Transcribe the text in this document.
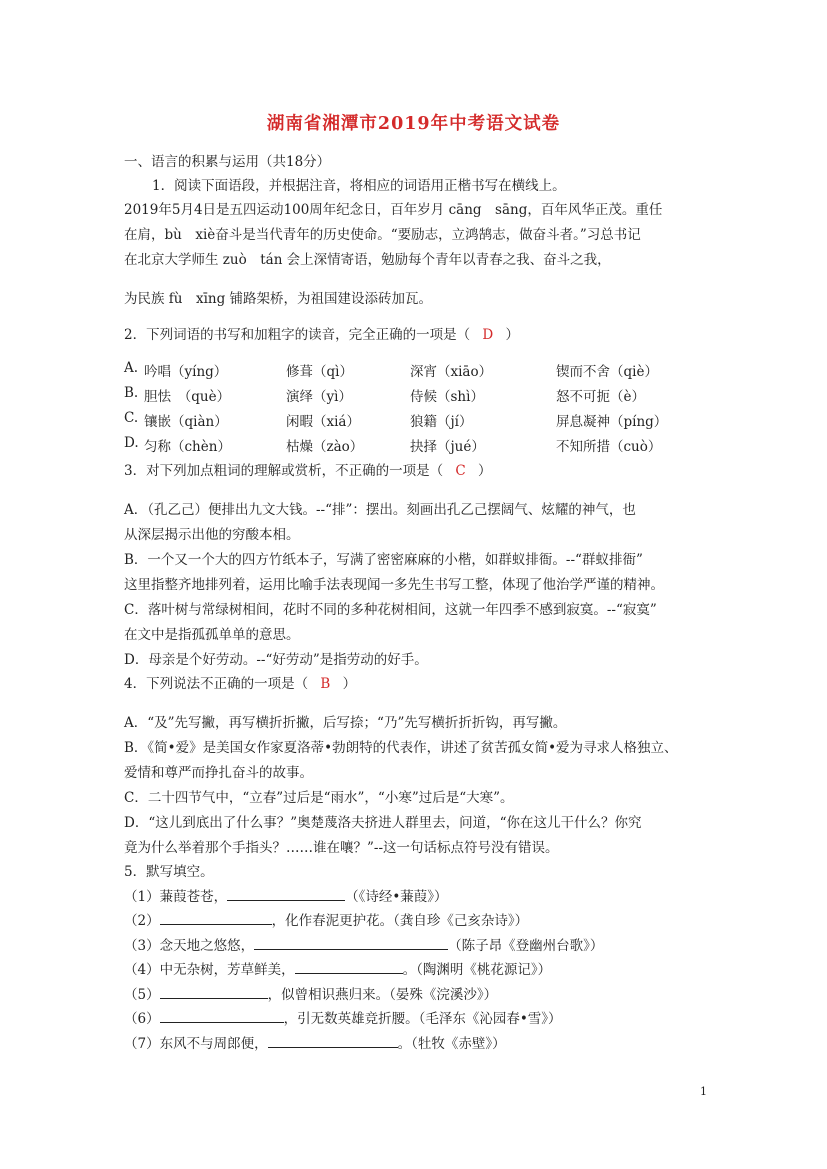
湖南省湘潭市2019年中考语文试卷
一、语言的积累与运用（共18分）
1．阅读下面语段，并根据注音，将相应的词语用正楷书写在横线上。
2019年5月4日是五四运动100周年纪念日，百年岁月 cāng　sāng，百年风华正茂。重任
在肩，bù　xiè奋斗是当代青年的历史使命。“要励志，立鸿鹄志，做奋斗者。”习总书记
在北京大学师生 zuò　tán 会上深情寄语，勉励每个青年以青春之我、奋斗之我，
为民族 fù　xīng 铺路架桥，为祖国建设添砖加瓦。
2．下列词语的书写和加粗字的读音，完全正确的一项是（ D ）
A. 吟唱（yíng）	修葺（qì）	深宵（xiāo）	锲而不舍（qiè）
B. 胆怯　（què）	演绎（yì）	侍候（shì）	怒不可扼（è）
C. 镶嵌（qiàn）	闲暇（xiá）	狼籍（jí）	屏息凝神（píng）
D. 匀称（chèn）	枯燥（zào）	抉择（jué）	不知所措（cuò）
3．对下列加点粗词的理解或赏析，不正确的一项是（ C ）
A．（孔乙己）便排出九文大钱。--“排”：摆出。刻画出孔乙己摆阔气、炫耀的神气，也
从深层揭示出他的穷酸本相。
B．一个又一个大的四方竹纸本子，写满了密密麻麻的小楷，如群蚁排衙。--“群蚁排衙”
这里指整齐地排列着，运用比喻手法表现闻一多先生书写工整，体现了他治学严谨的精神。
C．落叶树与常绿树相间，花时不同的多种花树相间，这就一年四季不感到寂寞。--“寂寞”
在文中是指孤孤单单的意思。
D．母亲是个好劳动。--“好劳动”是指劳动的好手。
4．下列说法不正确的一项是（ B ）
A．“及”先写撇，再写横折折撇，后写捺；“乃”先写横折折折钩，再写撇。
B．《简•爱》是美国女作家夏洛蒂•勃朗特的代表作，讲述了贫苦孤女简•爱为寻求人格独立、
爱情和尊严而挣扎奋斗的故事。
C．二十四节气中，“立春”过后是“雨水”，“小寒”过后是“大寒”。
D．“这儿到底出了什么事？”奥楚蔑洛夫挤进人群里去，问道，“你在这儿干什么？你究
竟为什么举着那个手指头？……谁在嚷？”--这一句话标点符号没有错误。
5．默写填空。
（1）蒹葭苍苍，	（《诗经•蒹葭》）
（2）	，化作春泥更护花。（龚自珍《己亥杂诗》）
（3）念天地之悠悠，	（陈子昂《登幽州台歌》）
（4）中无杂树，芳草鲜美，	。（陶渊明《桃花源记》）
（5）	，似曾相识燕归来。（晏殊《浣溪沙》）
（6）	，引无数英雄竞折腰。（毛泽东《沁园春•雪》）
（7）东风不与周郎便，	。（牡牧《赤壁》）
1
